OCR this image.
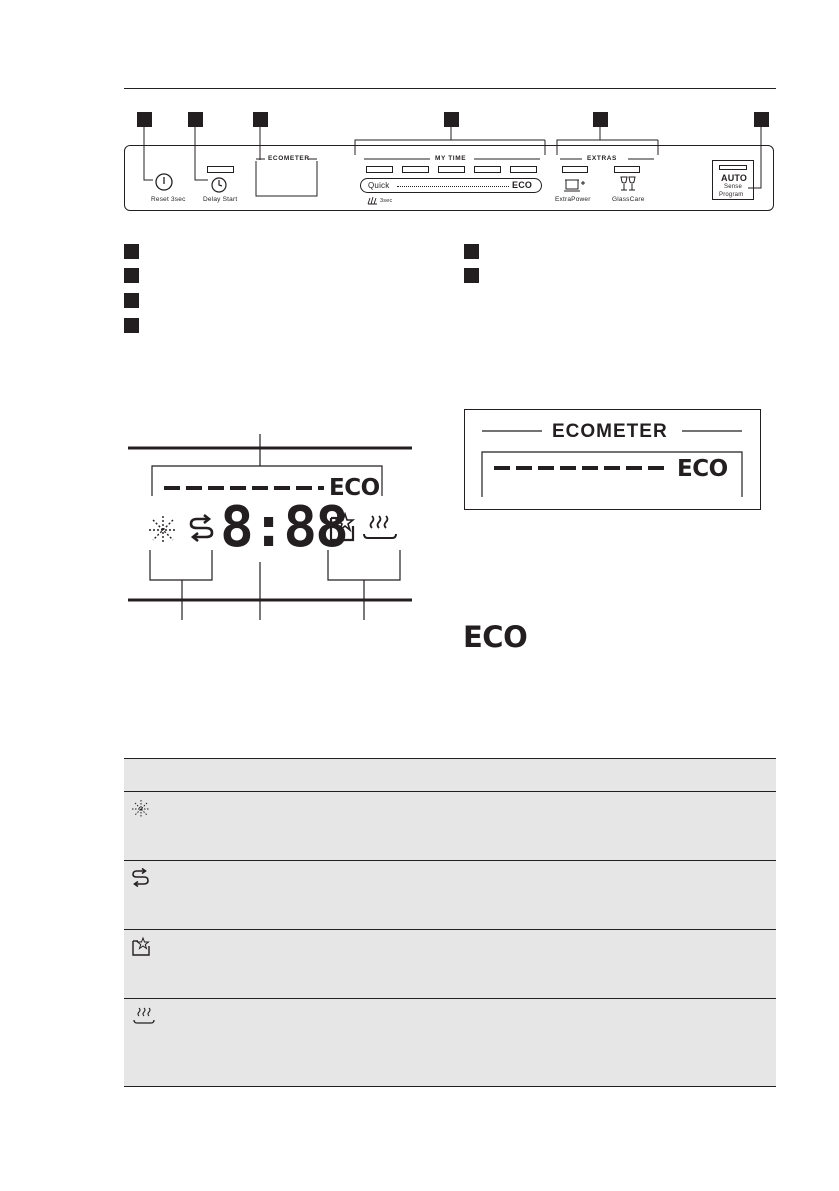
Reset 3sec	Delay Start
ECOMETER	MY TIME
Quick	ECO
3sec
EXTRAS
ExtraPower	GlassCare
AUTO
Sense
Program
ECO
8:88
ECOMETER
ECO
ECO
